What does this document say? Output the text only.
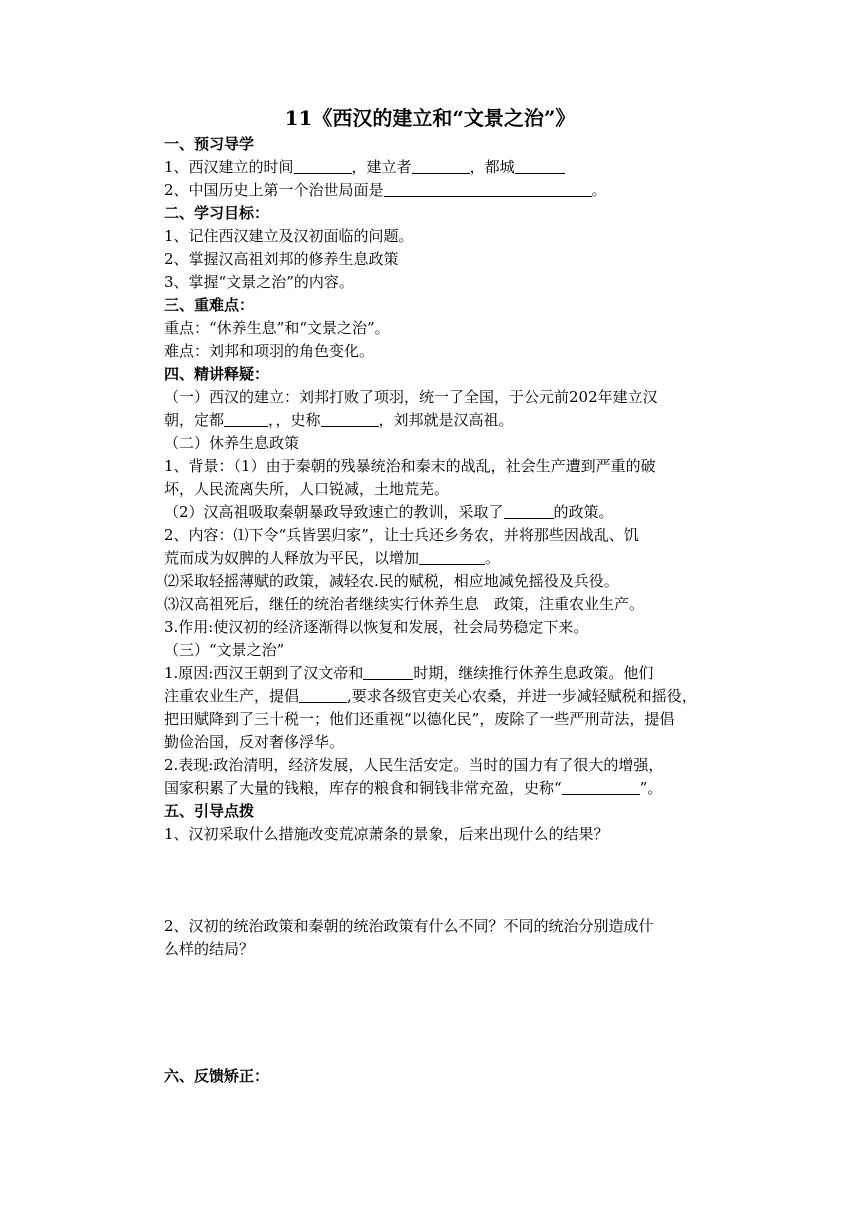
11《西汉的建立和“文景之治”》
一、预习导学
1、西汉建立的时间	，建立者	，都城
2、中国历史上第一个治世局面是	。
二、学习目标：
1、记住西汉建立及汉初面临的问题。
2、掌握汉高祖刘邦的修养生息政策
3、掌握“文景之治”的内容。
三、重难点：
重点：“休养生息”和“文景之治”。
难点：刘邦和项羽的角色变化。
四、精讲释疑：
（一）西汉的建立：刘邦打败了项羽，统一了全国，于公元前202年建立汉
朝，定都	，，史称	，刘邦就是汉高祖。
（二）休养生息政策
1、背景：（1）由于秦朝的残暴统治和秦末的战乱，社会生产遭到严重的破
坏，人民流离失所，人口锐减，土地荒芜。
（2）汉高祖吸取秦朝暴政导致速亡的教训，采取了	的政策。
2、内容：⑴下令“兵皆罢归家”，让士兵还乡务农，并将那些因战乱、饥
荒而成为奴脾的人释放为平民，以增加	。
⑵采取轻摇薄赋的政策，减轻农.民的赋税，相应地减免摇役及兵役。
⑶汉高祖死后，继任的统治者继续实行休养生息　政策，注重农业生产。
3.作用:使汉初的经济逐渐得以恢复和发展，社会局势稳定下来。
（三）“文景之治”
1.原因:西汉王朝到了汉文帝和	时期，继续推行休养生息政策。他们
注重农业生产，提倡	,要求各级官吏关心农桑，并进一步减轻赋税和摇役，
把田赋降到了三十税一；他们还重视“以德化民”，废除了一些严刑苛法，提倡
勤俭治国，反对奢侈浮华。
2.表现:政治清明，经济发展，人民生活安定。当时的国力有了很大的增强，
国家积累了大量的钱粮，库存的粮食和铜钱非常充盈，史称“	”。
五、引导点拨
1、汉初采取什么措施改变荒凉萧条的景象，后来出现什么的结果？
2、汉初的统治政策和秦朝的统治政策有什么不同？不同的统治分别造成什
么样的结局？
六、反馈矫正：
